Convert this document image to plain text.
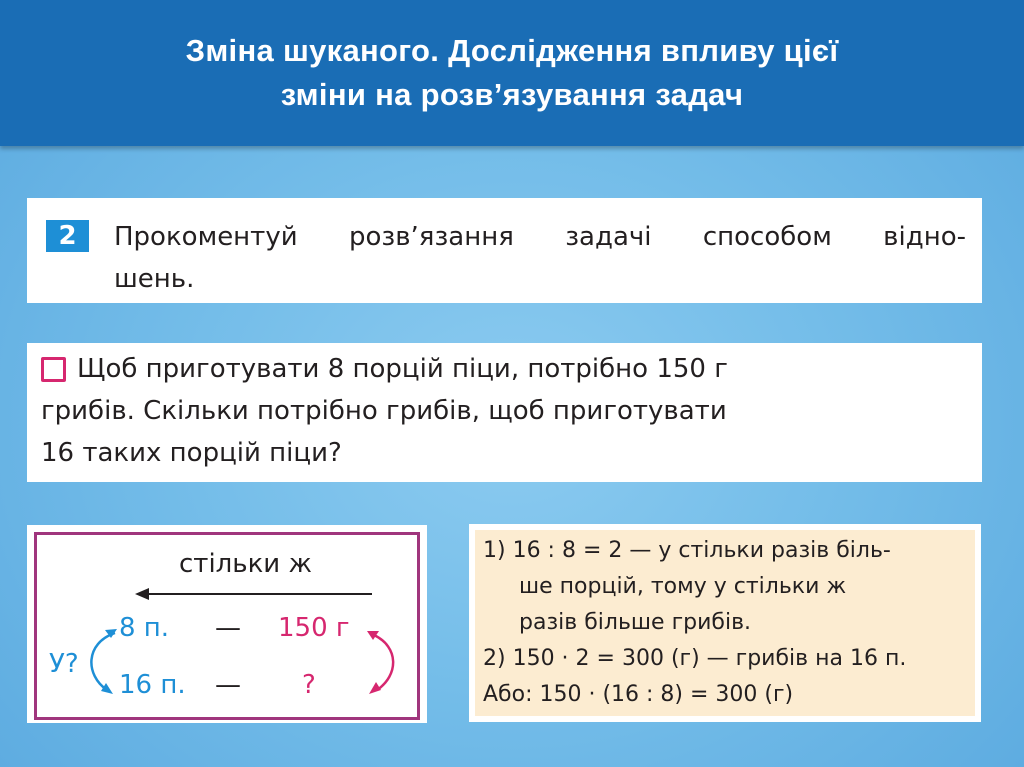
Зміна шуканого. Дослідження впливу цієї
зміни на розв’язування задач
2	Прокоментуй розв’язання задачі способом відно-
шень.
Щоб приготувати 8 порцій піци, потрібно 150 г
грибів. Скільки потрібно грибів, щоб приготувати
16 таких порцій піци?
стільки ж
У?
8 п. — 150 г
16 п. — ?
1) 16 : 8 = 2 — у стільки разів біль-
ше порцій, тому у стільки ж
разів більше грибів.
2) 150 · 2 = 300 (г) — грибів на 16 п.
Або: 150 · (16 : 8) = 300 (г)
